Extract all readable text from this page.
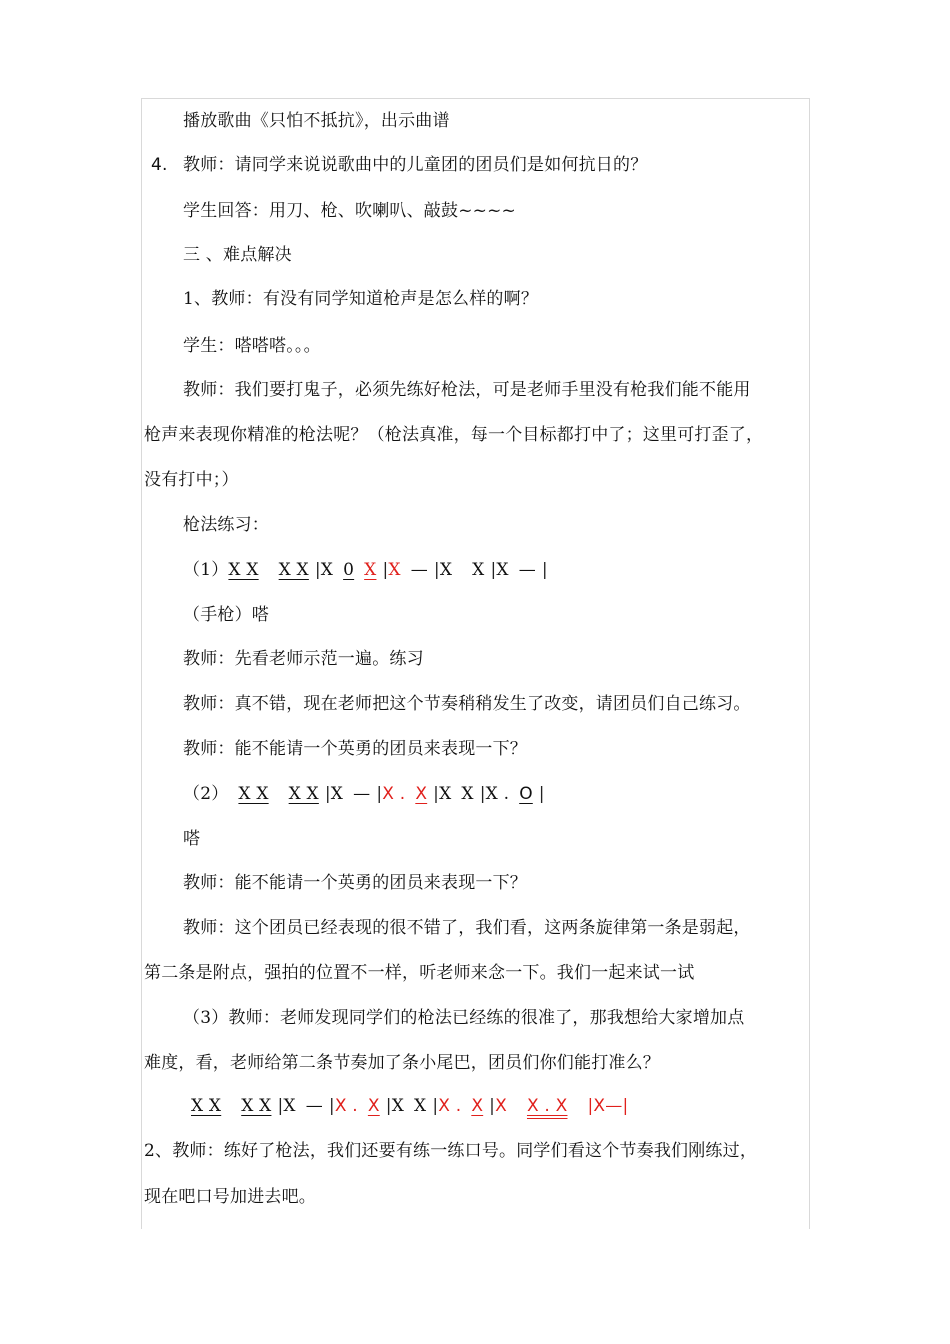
播放歌曲《只怕不抵抗》，出示曲谱
4. 教师：请同学来说说歌曲中的儿童团的团员们是如何抗日的？
学生回答：用刀、枪、吹喇叭、敲鼓~~~~
三 、难点解决
1、教师：有没有同学知道枪声是怎么样的啊？
学生：嗒嗒嗒。。。
教师：我们要打鬼子，必须先练好枪法，可是老师手里没有枪我们能不能用
枪声来表现你精准的枪法呢？（枪法真准，每一个目标都打中了；这里可打歪了，
没有打中；）
枪法练习：
（1）X X X X |X 0 X |X — |X X |X — |
（手枪）嗒
教师：先看老师示范一遍。练习
教师：真不错，现在老师把这个节奏稍稍发生了改变，请团员们自己练习。
教师：能不能请一个英勇的团员来表现一下？
（2） X X X X |X — |X . X |X X |X . O |
嗒
教师：能不能请一个英勇的团员来表现一下？
教师：这个团员已经表现的很不错了，我们看，这两条旋律第一条是弱起，
第二条是附点，强拍的位置不一样，听老师来念一下。我们一起来试一试
（3）教师：老师发现同学们的枪法已经练的很准了，那我想给大家增加点
难度，看，老师给第二条节奏加了条小尾巴，团员们你们能打准么？
X X X X |X — |X . X |X X |X . X |X X . X |X—|
2、教师：练好了枪法，我们还要有练一练口号。同学们看这个节奏我们刚练过，
现在吧口号加进去吧。
